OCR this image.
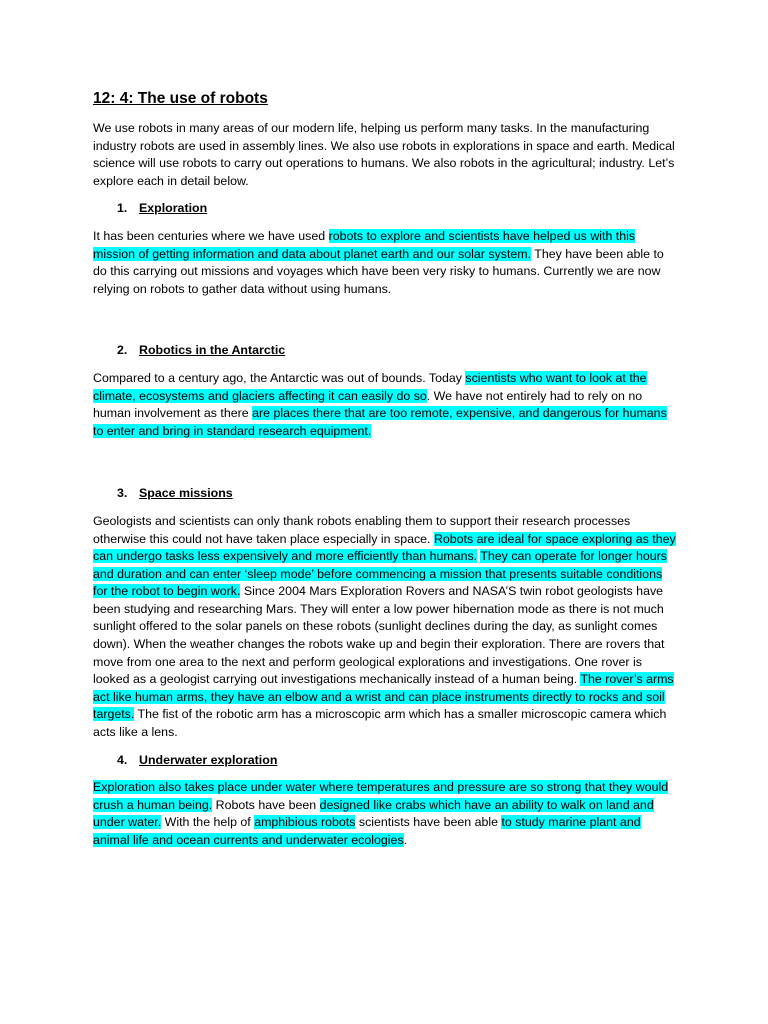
12: 4: The use of robots

We use robots in many areas of our modern life, helping us perform many tasks. In the manufacturing industry robots are used in assembly lines. We also use robots in explorations in space and earth. Medical science will use robots to carry out operations to humans. We also robots in the agricultural; industry. Let’s explore each in detail below.

1. Exploration

It has been centuries where we have used robots to explore and scientists have helped us with this mission of getting information and data about planet earth and our solar system. They have been able to do this carrying out missions and voyages which have been very risky to humans. Currently we are now relying on robots to gather data without using humans.

2. Robotics in the Antarctic

Compared to a century ago, the Antarctic was out of bounds. Today scientists who want to look at the climate, ecosystems and glaciers affecting it can easily do so. We have not entirely had to rely on no human involvement as there are places there that are too remote, expensive, and dangerous for humans to enter and bring in standard research equipment.

3. Space missions

Geologists and scientists can only thank robots enabling them to support their research processes otherwise this could not have taken place especially in space. Robots are ideal for space exploring as they can undergo tasks less expensively and more efficiently than humans. They can operate for longer hours and duration and can enter ‘sleep mode’ before commencing a mission that presents suitable conditions for the robot to begin work. Since 2004 Mars Exploration Rovers and NASA’S twin robot geologists have been studying and researching Mars. They will enter a low power hibernation mode as there is not much sunlight offered to the solar panels on these robots (sunlight declines during the day, as sunlight comes down). When the weather changes the robots wake up and begin their exploration. There are rovers that move from one area to the next and perform geological explorations and investigations. One rover is looked as a geologist carrying out investigations mechanically instead of a human being. The rover’s arms act like human arms, they have an elbow and a wrist and can place instruments directly to rocks and soil targets. The fist of the robotic arm has a microscopic arm which has a smaller microscopic camera which acts like a lens.

4. Underwater exploration

Exploration also takes place under water where temperatures and pressure are so strong that they would crush a human being. Robots have been designed like crabs which have an ability to walk on land and under water. With the help of amphibious robots scientists have been able to study marine plant and animal life and ocean currents and underwater ecologies.
